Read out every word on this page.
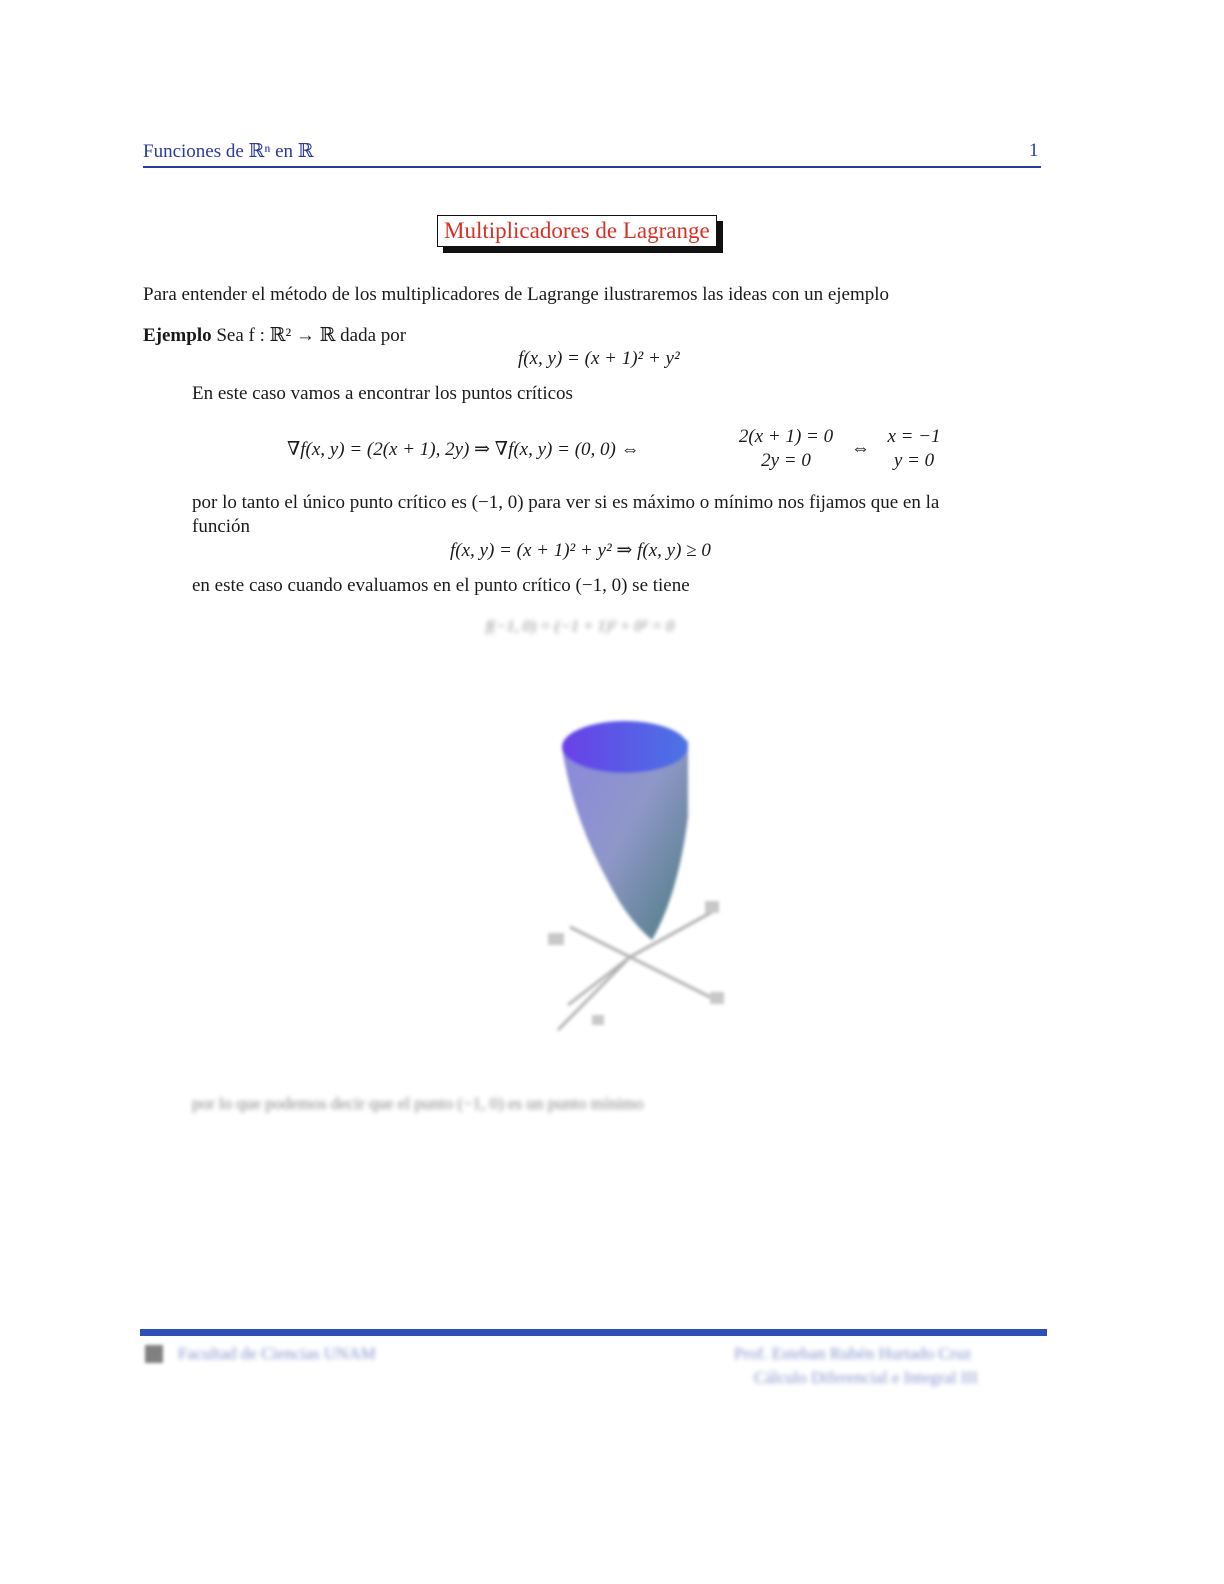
Funciones de ℝⁿ en ℝ	1
Multiplicadores de Lagrange
Para entender el método de los multiplicadores de Lagrange ilustraremos las ideas con un ejemplo
Ejemplo Sea f : ℝ² → ℝ dada por
f(x, y) = (x + 1)² + y²
En este caso vamos a encontrar los puntos críticos
∇f(x, y) = (2(x + 1), 2y) ⇒ ∇f(x, y) = (0, 0) ⇔
2(x + 1) = 0
2y = 0
⇔
x = −1
y = 0
por lo tanto el único punto crítico es (−1, 0) para ver si es máximo o mínimo nos fijamos que en la
función
f(x, y) = (x + 1)² + y² ⇒ f(x, y) ≥ 0
en este caso cuando evaluamos en el punto crítico (−1, 0) se tiene
f(−1, 0) = (−1 + 1)² + 0² = 0
por lo que podemos decir que el punto (−1, 0) es un punto mínimo
Facultad de Ciencias UNAM	Prof. Esteban Rubén Hurtado Cruz
Cálculo Diferencial e Integral III
